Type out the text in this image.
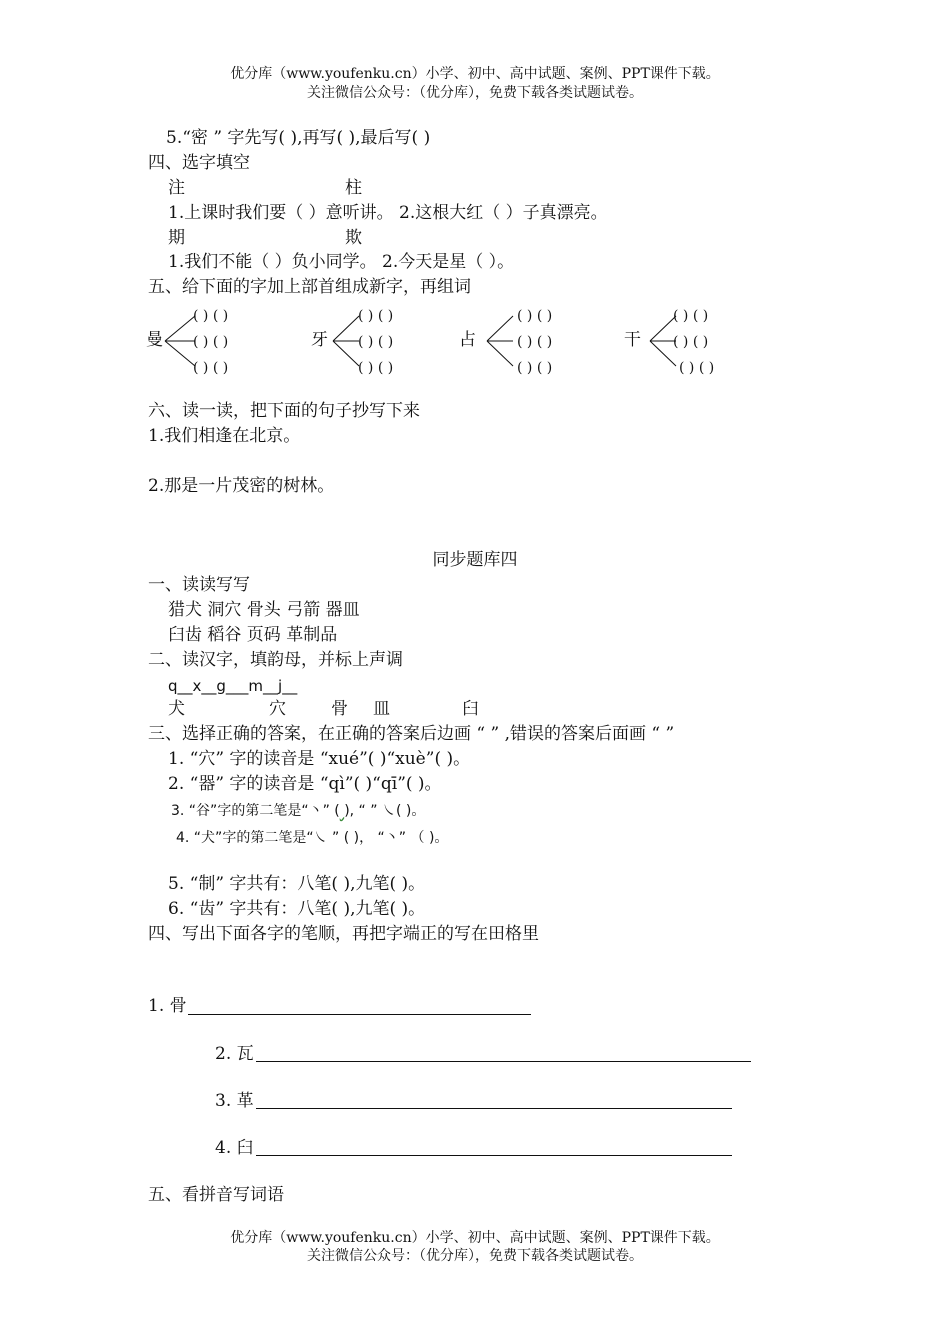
优分库（www.youfenku.cn）小学、初中、高中试题、案例、PPT课件下载。
关注微信公众号：（优分库），免费下载各类试题试卷。
5.“密 ” 字先写( ),再写( ),最后写( )
四、选字填空
注	柱
1.上课时我们要（ ）意听讲。 2.这根大红（ ）子真漂亮。
期	欺
1.我们不能（ ）负小同学。 2.今天是星（ ）。
五、给下面的字加上部首组成新字，再组词
曼
( ) ( )
( ) ( )
( ) ( )
牙
( ) ( )
( ) ( )
( ) ( )
占
( ) ( )
( ) ( )
( ) ( )
干
( ) ( )
( ) ( )
( ) ( )
六、读一读，把下面的句子抄写下来
1.我们相逢在北京。
2.那是一片茂密的树林。
同步题库四
一、读读写写
猎犬 洞穴 骨头 弓箭 器皿
臼齿 稻谷 页码 革制品
二、读汉字，填韵母，并标上声调
q__x__g___m__j__
犬	穴	骨 皿	臼
三、选择正确的答案，在正确的答案后边画 “ ” ,错误的答案后面画 “ ”
1. “穴” 字的读音是 “xué”( )“xuè”( )。
2. “器” 字的读音是 “qì”( )“qī”( )。
3. “谷”字的第二笔是“丶” ( ), “ ” ㇏( )。
4. “犬”字的第二笔是“㇏ ” ( )， “丶” （ )。
5. “制” 字共有：八笔( ),九笔( )。
6. “齿” 字共有：八笔( ),九笔( )。
四、写出下面各字的笔顺，再把字端正的写在田格里
1. 骨
2. 瓦
3. 革
4. 臼
五、看拼音写词语
优分库（www.youfenku.cn）小学、初中、高中试题、案例、PPT课件下载。
关注微信公众号：（优分库），免费下载各类试题试卷。
